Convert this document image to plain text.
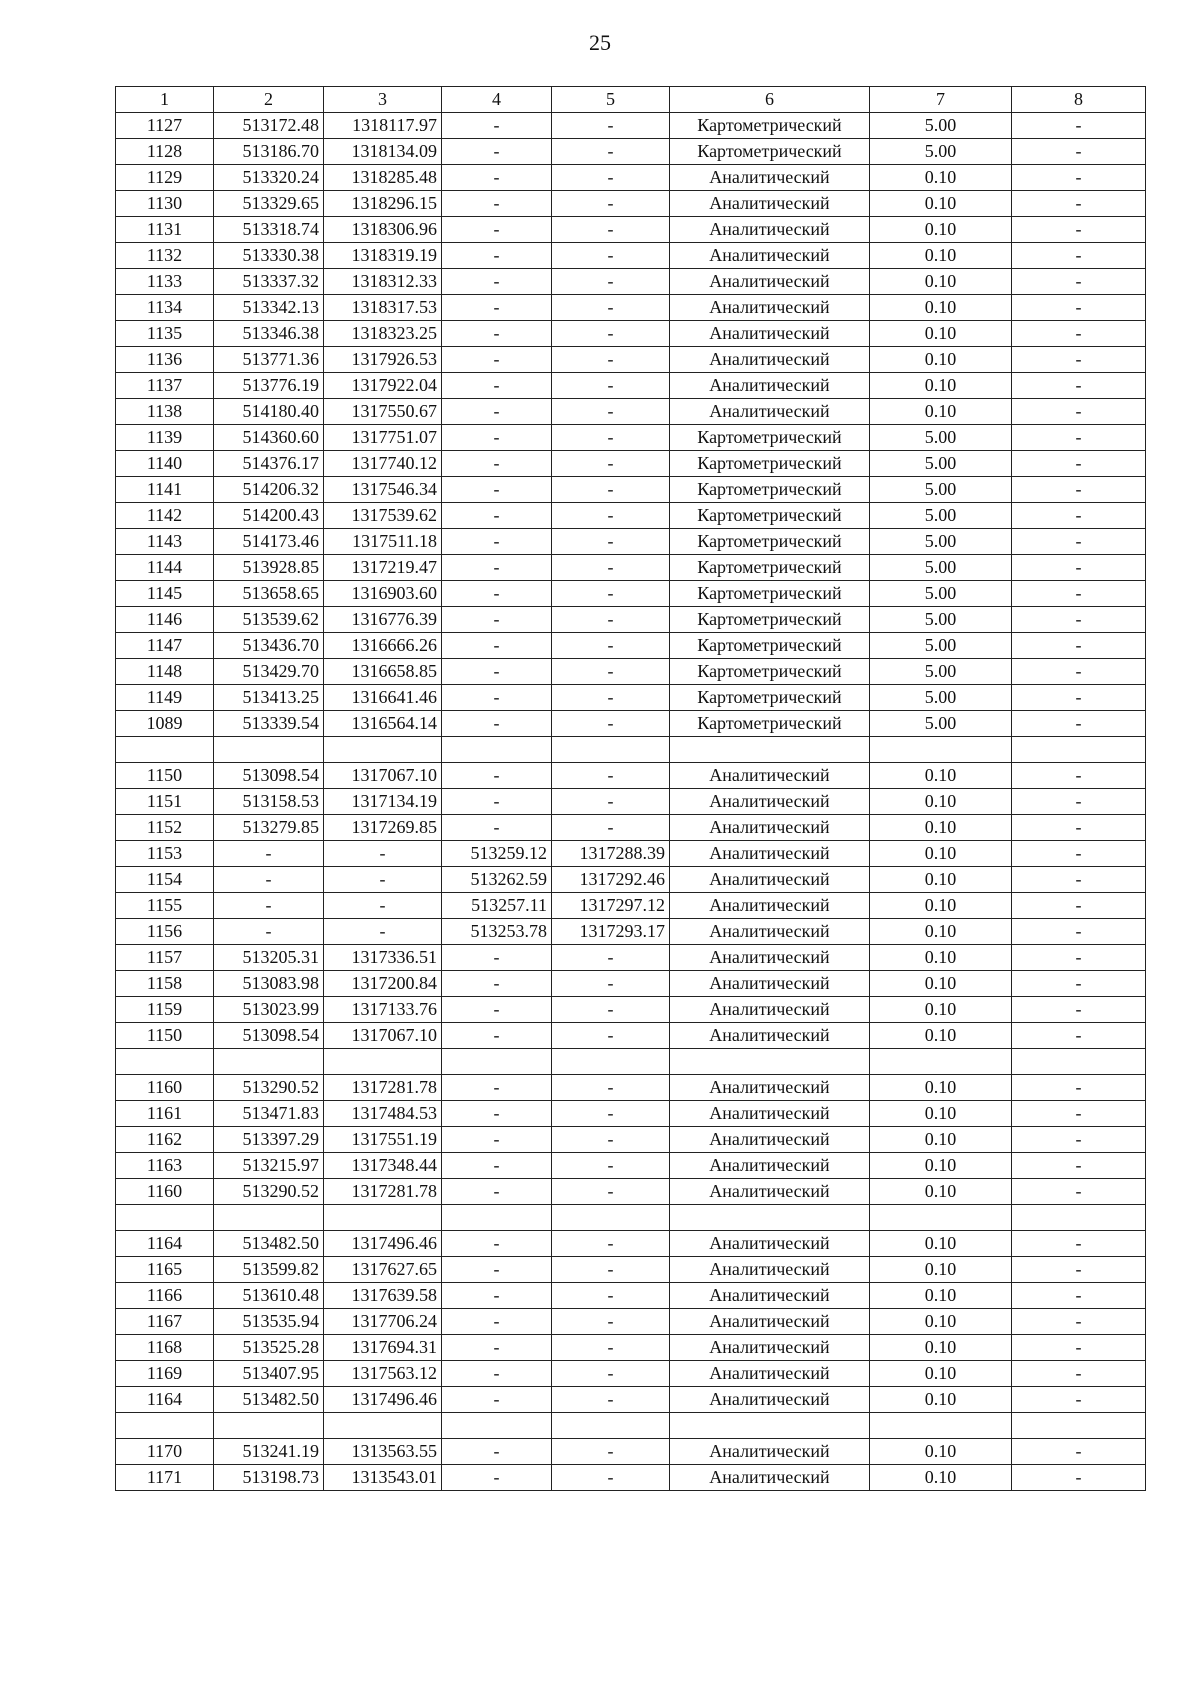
25
1	2	3	4	5	6	7	8
1127	513172.48	1318117.97	-	-	Картометрический	5.00	-
1128	513186.70	1318134.09	-	-	Картометрический	5.00	-
1129	513320.24	1318285.48	-	-	Аналитический	0.10	-
1130	513329.65	1318296.15	-	-	Аналитический	0.10	-
1131	513318.74	1318306.96	-	-	Аналитический	0.10	-
1132	513330.38	1318319.19	-	-	Аналитический	0.10	-
1133	513337.32	1318312.33	-	-	Аналитический	0.10	-
1134	513342.13	1318317.53	-	-	Аналитический	0.10	-
1135	513346.38	1318323.25	-	-	Аналитический	0.10	-
1136	513771.36	1317926.53	-	-	Аналитический	0.10	-
1137	513776.19	1317922.04	-	-	Аналитический	0.10	-
1138	514180.40	1317550.67	-	-	Аналитический	0.10	-
1139	514360.60	1317751.07	-	-	Картометрический	5.00	-
1140	514376.17	1317740.12	-	-	Картометрический	5.00	-
1141	514206.32	1317546.34	-	-	Картометрический	5.00	-
1142	514200.43	1317539.62	-	-	Картометрический	5.00	-
1143	514173.46	1317511.18	-	-	Картометрический	5.00	-
1144	513928.85	1317219.47	-	-	Картометрический	5.00	-
1145	513658.65	1316903.60	-	-	Картометрический	5.00	-
1146	513539.62	1316776.39	-	-	Картометрический	5.00	-
1147	513436.70	1316666.26	-	-	Картометрический	5.00	-
1148	513429.70	1316658.85	-	-	Картометрический	5.00	-
1149	513413.25	1316641.46	-	-	Картометрический	5.00	-
1089	513339.54	1316564.14	-	-	Картометрический	5.00	-

1150	513098.54	1317067.10	-	-	Аналитический	0.10	-
1151	513158.53	1317134.19	-	-	Аналитический	0.10	-
1152	513279.85	1317269.85	-	-	Аналитический	0.10	-
1153	-	-	513259.12	1317288.39	Аналитический	0.10	-
1154	-	-	513262.59	1317292.46	Аналитический	0.10	-
1155	-	-	513257.11	1317297.12	Аналитический	0.10	-
1156	-	-	513253.78	1317293.17	Аналитический	0.10	-
1157	513205.31	1317336.51	-	-	Аналитический	0.10	-
1158	513083.98	1317200.84	-	-	Аналитический	0.10	-
1159	513023.99	1317133.76	-	-	Аналитический	0.10	-
1150	513098.54	1317067.10	-	-	Аналитический	0.10	-

1160	513290.52	1317281.78	-	-	Аналитический	0.10	-
1161	513471.83	1317484.53	-	-	Аналитический	0.10	-
1162	513397.29	1317551.19	-	-	Аналитический	0.10	-
1163	513215.97	1317348.44	-	-	Аналитический	0.10	-
1160	513290.52	1317281.78	-	-	Аналитический	0.10	-

1164	513482.50	1317496.46	-	-	Аналитический	0.10	-
1165	513599.82	1317627.65	-	-	Аналитический	0.10	-
1166	513610.48	1317639.58	-	-	Аналитический	0.10	-
1167	513535.94	1317706.24	-	-	Аналитический	0.10	-
1168	513525.28	1317694.31	-	-	Аналитический	0.10	-
1169	513407.95	1317563.12	-	-	Аналитический	0.10	-
1164	513482.50	1317496.46	-	-	Аналитический	0.10	-

1170	513241.19	1313563.55	-	-	Аналитический	0.10	-
1171	513198.73	1313543.01	-	-	Аналитический	0.10	-
